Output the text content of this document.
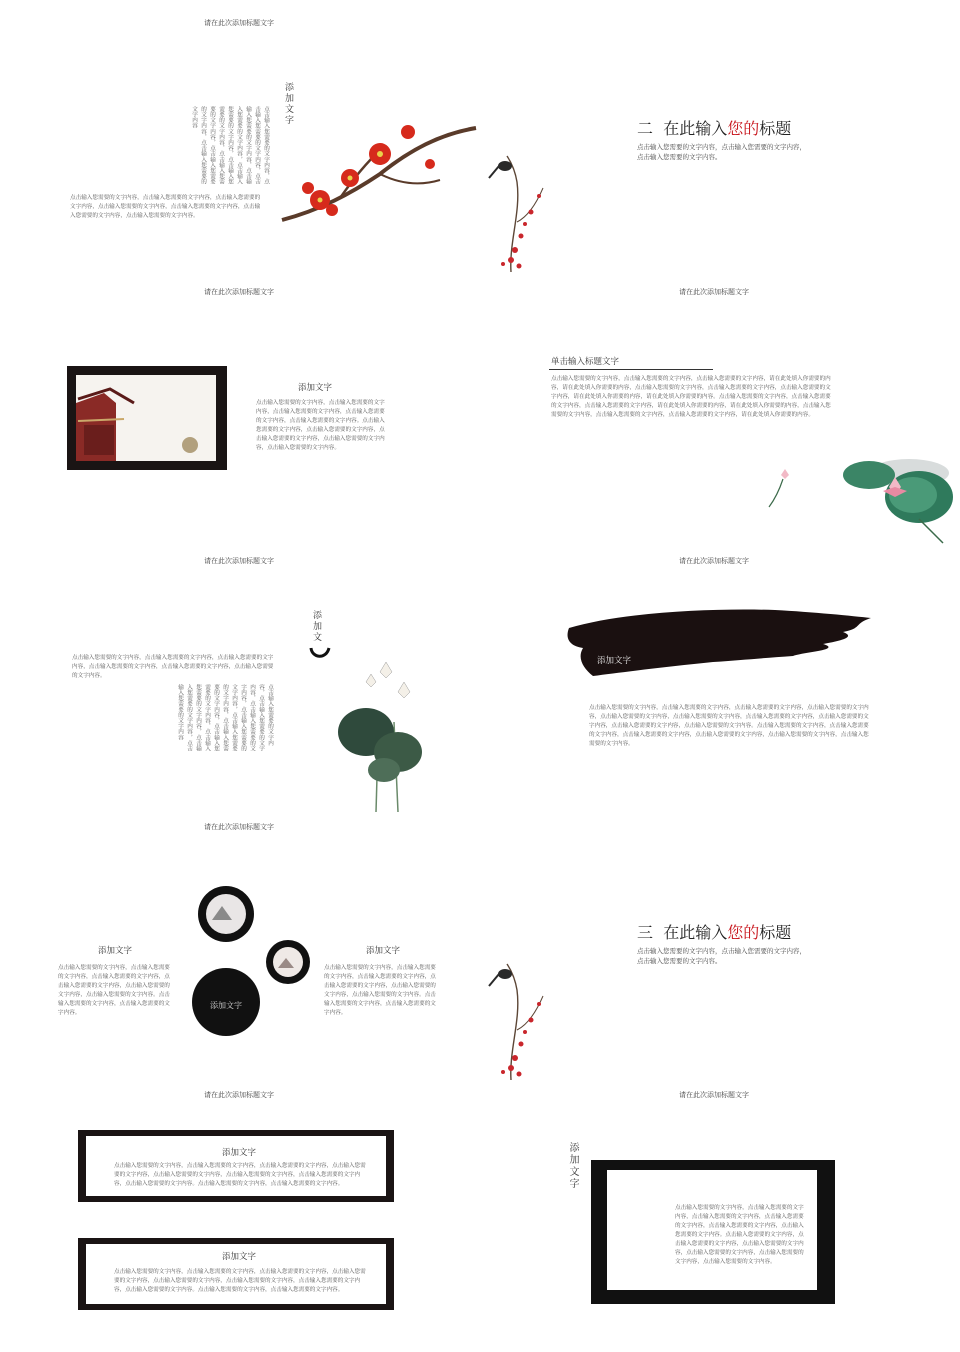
请在此次添加标题文字
添加文字
点击输入您需要的文字内容，点击输入您需要的文字内容，点击输入您需要的文字内容，点击输入您需要的文字内容，点击输入您需要的文字内容，点击输入您需要的文字内容，点击输入您需要的文字内容，点击输入您需要的文字内容，点击输入您需要的文字内容
点击输入您需要的文字内容，点击输入您需要的文字内容，点击输入您需要的文字内容，点击输入您需要的文字内容，点击输入您需要的文字内容，点击输入您需要的文字内容，点击输入您需要的文字内容。
二 在此输入您的标题
点击输入您需要的文字内容，点击输入您需要的文字内容，点击输入您需要的文字内容。
请在此次添加标题文字
添加文字
点击输入您需要的文字内容，点击输入您需要的文字内容，点击输入您需要的文字内容，点击输入您需要的文字内容，点击输入您需要的文字内容。点击输入您需要的文字内容，点击输入您需要的文字内容，点击输入您需要的文字内容，点击输入您需要的文字内容，点击输入您需要的文字内容。
请在此次添加标题文字
单击输入标题文字
点击输入您需要的文字内容，点击输入您需要的文字内容，点击输入您需要的文字内容，请在此处填入你需要的内容，请在此处填入你需要的内容，点击输入您需要的文字内容，点击输入您需要的文字内容，点击输入您需要的文字内容，请在此处填入你需要的内容，请在此处填入你需要的内容。点击输入您需要的文字内容，点击输入您需要的文字内容，点击输入您需要的文字内容，请在此处填入你需要的内容，请在此处填入你需要的内容，点击输入您需要的文字内容，点击输入您需要的文字内容，点击输入您需要的文字内容，请在此处填入你需要的内容。
请在此次添加标题文字
添加文
点击输入您需要的文字内容，点击输入您需要的文字内容，点击输入您需要的文字内容，点击输入您需要的文字内容，点击输入您需要的文字内容，点击输入您需要的文字内容。
点击输入您需要的文字内容，点击输入您需要的文字内容，点击输入您需要的文字内容，点击输入您需要的文字内容，点击输入您需要的文字内容，点击输入您需要的文字内容，点击输入您需要的文字内容，点击输入您需要的文字内容，点击输入您需要的文字内容，点击输入您需要的文字内容
请在此次添加标题文字
添加文字
点击输入您需要的文字内容，点击输入您需要的文字内容，点击输入您需要的文字内容，点击输入您需要的文字内容，点击输入您需要的文字内容，点击输入您需要的文字内容，点击输入您需要的文字内容，点击输入您需要的文字内容，点击输入您需要的文字内容，点击输入您需要的文字内容。点击输入您需要的文字内容，点击输入您需要的文字内容，点击输入您需要的文字内容，点击输入您需要的文字内容，点击输入您需要的文字内容，点击输入您需要的文字内容。
请在此次添加标题文字
添加文字
点击输入您需要的文字内容，点击输入您需要的文字内容，点击输入您需要的文字内容，点击输入您需要的文字内容，点击输入您需要的文字内容，点击输入您需要的文字内容。点击输入您需要的文字内容，点击输入您需要的文字内容。
添加文字
添加文字
点击输入您需要的文字内容，点击输入您需要的文字内容，点击输入您需要的文字内容，点击输入您需要的文字内容，点击输入您需要的文字内容，点击输入您需要的文字内容。点击输入您需要的文字内容，点击输入您需要的文字内容。
三 在此输入您的标题
点击输入您需要的文字内容，点击输入您需要的文字内容，点击输入您需要的文字内容。
请在此次添加标题文字
添加文字
点击输入您需要的文字内容，点击输入您需要的文字内容，点击输入您需要的文字内容，点击输入您需要的文字内容，点击输入您需要的文字内容，点击输入您需要的文字内容，点击输入您需要的文字内容，点击输入您需要的文字内容。点击输入您需要的文字内容，点击输入您需要的文字内容。
添加文字
点击输入您需要的文字内容，点击输入您需要的文字内容，点击输入您需要的文字内容，点击输入您需要的文字内容，点击输入您需要的文字内容，点击输入您需要的文字内容，点击输入您需要的文字内容，点击输入您需要的文字内容。点击输入您需要的文字内容，点击输入您需要的文字内容。
请在此次添加标题文字
添加文字
点击输入您需要的文字内容，点击输入您需要的文字内容，点击输入您需要的文字内容，点击输入您需要的文字内容，点击输入您需要的文字内容，点击输入您需要的文字内容。点击输入您需要的文字内容，点击输入您需要的文字内容，点击输入您需要的文字内容，点击输入您需要的文字内容，点击输入您需要的文字内容，点击输入您需要的文字内容。
